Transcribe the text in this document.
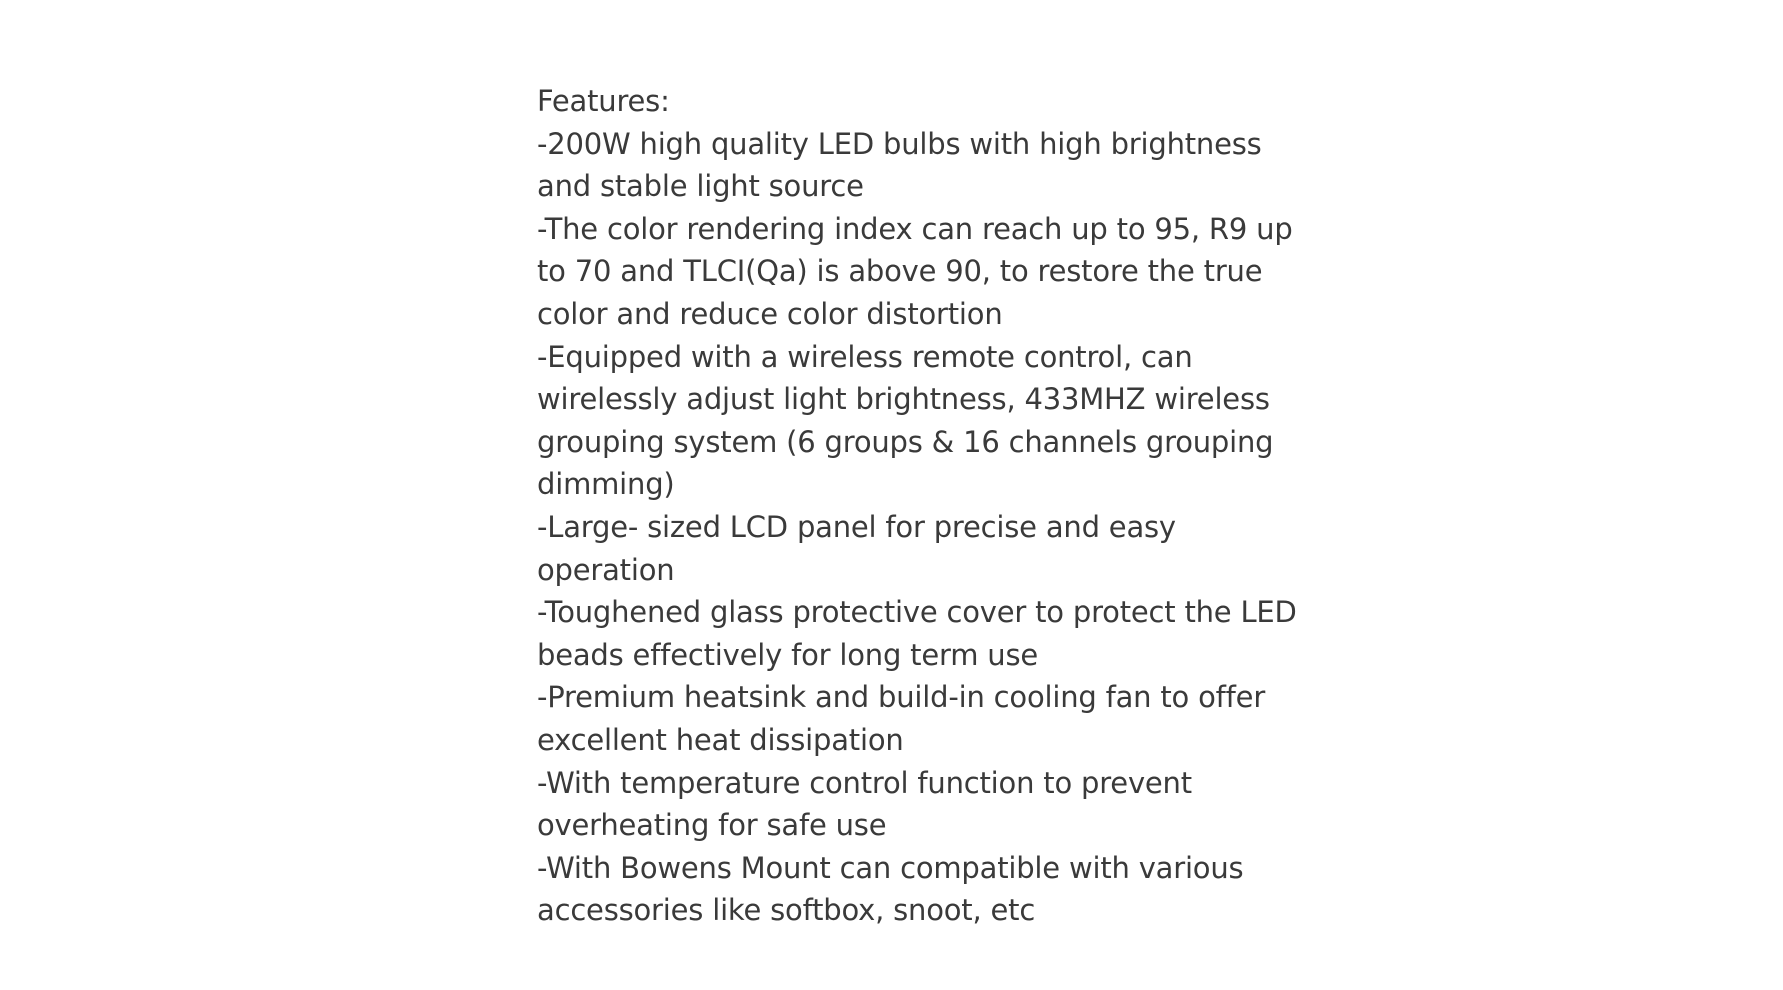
Features:

-200W high quality LED bulbs with high brightness and stable light source

-The color rendering index can reach up to 95, R9 up to 70 and TLCI(Qa) is above 90, to restore the true color and reduce color distortion

-Equipped with a wireless remote control, can wirelessly adjust light brightness, 433MHZ wireless grouping system (6 groups & 16 channels grouping dimming)

-Large- sized LCD panel for precise and easy operation

-Toughened glass protective cover to protect the LED beads effectively for long term use

-Premium heatsink and build-in cooling fan to offer excellent heat dissipation

-With temperature control function to prevent overheating for safe use

-With Bowens Mount can compatible with various accessories like softbox, snoot, etc
